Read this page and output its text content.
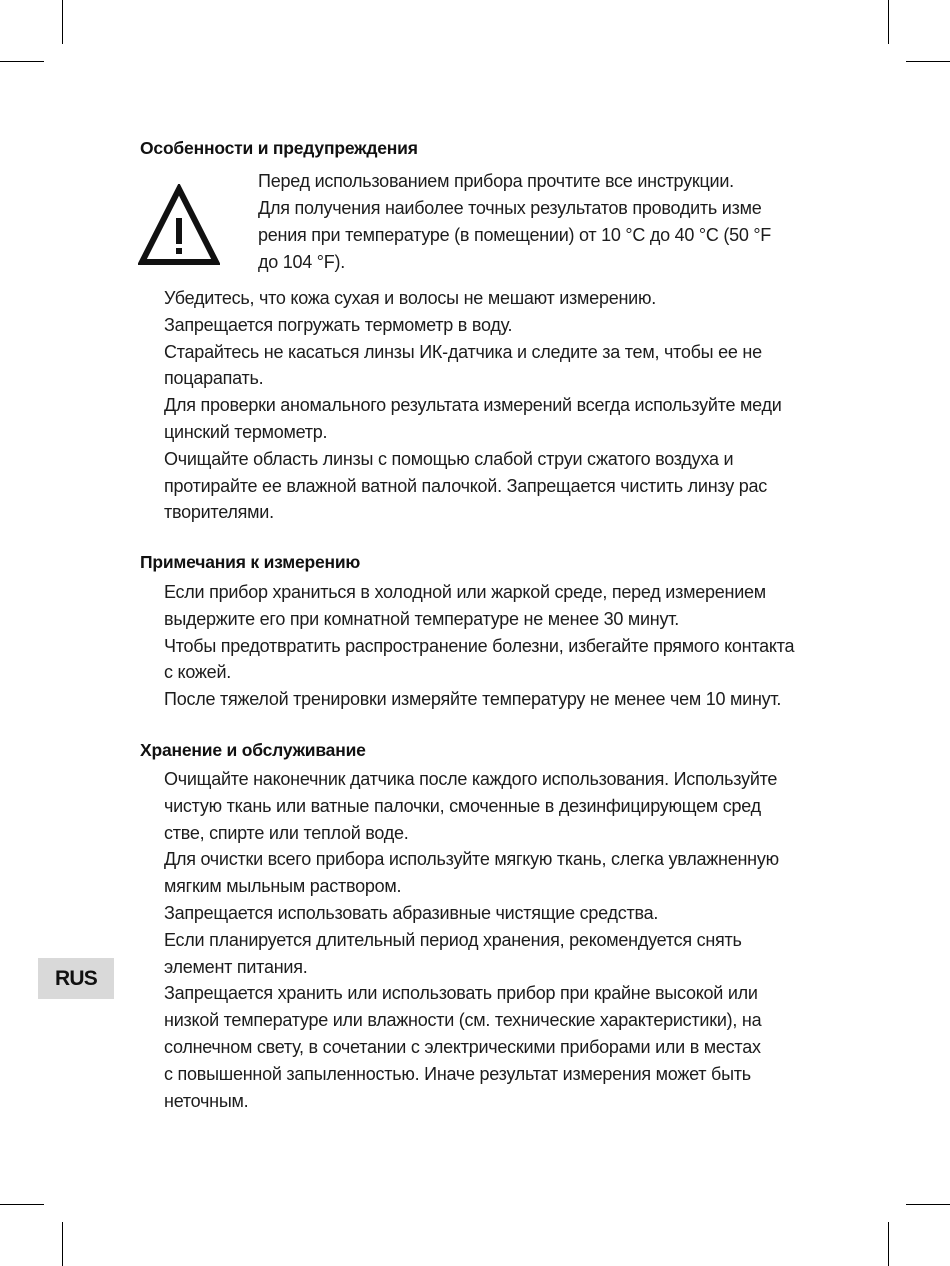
Особенности и предупреждения
Перед использованием прибора прочтите все инструкции.
Для получения наиболее точных результатов проводить изме
рения при температуре (в помещении) от 10 °C до 40 °C (50 °F
до 104 °F).
Убедитесь, что кожа сухая и волосы не мешают измерению.
Запрещается погружать термометр в воду.
Старайтесь не касаться линзы ИК-датчика и следите за тем, чтобы ее не
поцарапать.
Для проверки аномального результата измерений всегда используйте меди
цинский термометр.
Очищайте область линзы с помощью слабой струи сжатого воздуха и
протирайте ее влажной ватной палочкой. Запрещается чистить линзу рас
творителями.
Примечания к измерению
Если прибор храниться в холодной или жаркой среде, перед измерением
выдержите его при комнатной температуре не менее 30 минут.
Чтобы предотвратить распространение болезни, избегайте прямого контакта
с кожей.
После тяжелой тренировки измеряйте температуру не менее чем 10 минут.
Хранение и обслуживание
Очищайте наконечник датчика после каждого использования. Используйте
чистую ткань или ватные палочки, смоченные в дезинфицирующем сред
стве, спирте или теплой воде.
Для очистки всего прибора используйте мягкую ткань, слегка увлажненную
мягким мыльным раствором.
Запрещается использовать абразивные чистящие средства.
Если планируется длительный период хранения, рекомендуется снять
элемент питания.
Запрещается хранить или использовать прибор при крайне высокой или
низкой температуре или влажности (см. технические характеристики), на
солнечном свету, в сочетании с электрическими приборами или в местах
с повышенной запыленностью. Иначе результат измерения может быть
неточным.
RUS
